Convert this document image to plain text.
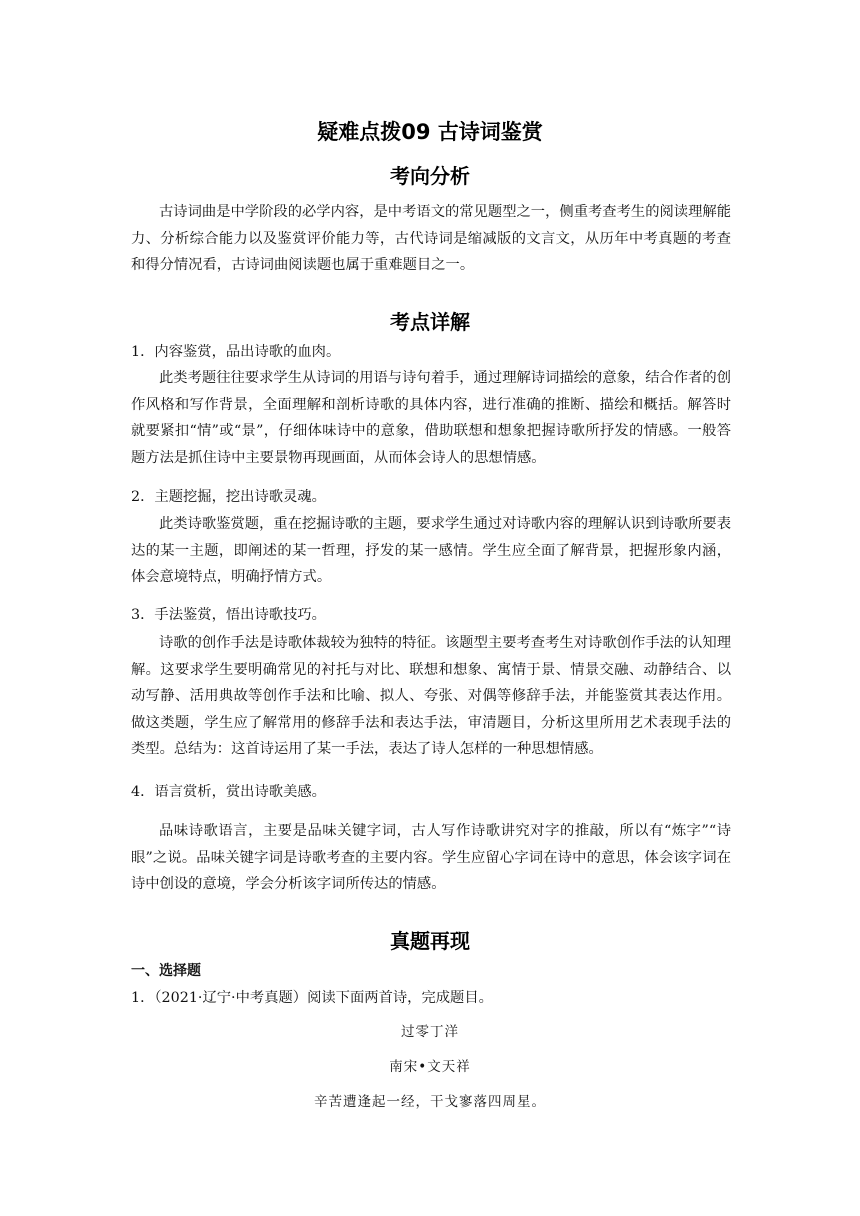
疑难点拨09 古诗词鉴赏
考向分析
古诗词曲是中学阶段的必学内容，是中考语文的常见题型之一，侧重考查考生的阅读理解能力、分析综合能力以及鉴赏评价能力等，古代诗词是缩减版的文言文，从历年中考真题的考查和得分情况看，古诗词曲阅读题也属于重难题目之一。
考点详解
1．内容鉴赏，品出诗歌的血肉。
此类考题往往要求学生从诗词的用语与诗句着手，通过理解诗词描绘的意象，结合作者的创作风格和写作背景，全面理解和剖析诗歌的具体内容，进行准确的推断、描绘和概括。解答时就要紧扣“情”或“景”，仔细体味诗中的意象，借助联想和想象把握诗歌所抒发的情感。一般答题方法是抓住诗中主要景物再现画面，从而体会诗人的思想情感。
2．主题挖掘，挖出诗歌灵魂。
此类诗歌鉴赏题，重在挖掘诗歌的主题，要求学生通过对诗歌内容的理解认识到诗歌所要表达的某一主题，即阐述的某一哲理，抒发的某一感情。学生应全面了解背景，把握形象内涵，体会意境特点，明确抒情方式。
3．手法鉴赏，悟出诗歌技巧。
诗歌的创作手法是诗歌体裁较为独特的特征。该题型主要考查考生对诗歌创作手法的认知理解。这要求学生要明确常见的衬托与对比、联想和想象、寓情于景、情景交融、动静结合、以动写静、活用典故等创作手法和比喻、拟人、夸张、对偶等修辞手法，并能鉴赏其表达作用。做这类题，学生应了解常用的修辞手法和表达手法，审清题目，分析这里所用艺术表现手法的类型。总结为：这首诗运用了某一手法，表达了诗人怎样的一种思想情感。
4．语言赏析，赏出诗歌美感。
品味诗歌语言，主要是品味关键字词，古人写作诗歌讲究对字的推敲，所以有“炼字”“诗眼”之说。品味关键字词是诗歌考查的主要内容。学生应留心字词在诗中的意思，体会该字词在诗中创设的意境，学会分析该字词所传达的情感。
真题再现
一、选择题
1．（2021·辽宁·中考真题）阅读下面两首诗，完成题目。
过零丁洋
南宋•文天祥
辛苦遭逢起一经，干戈寥落四周星。
